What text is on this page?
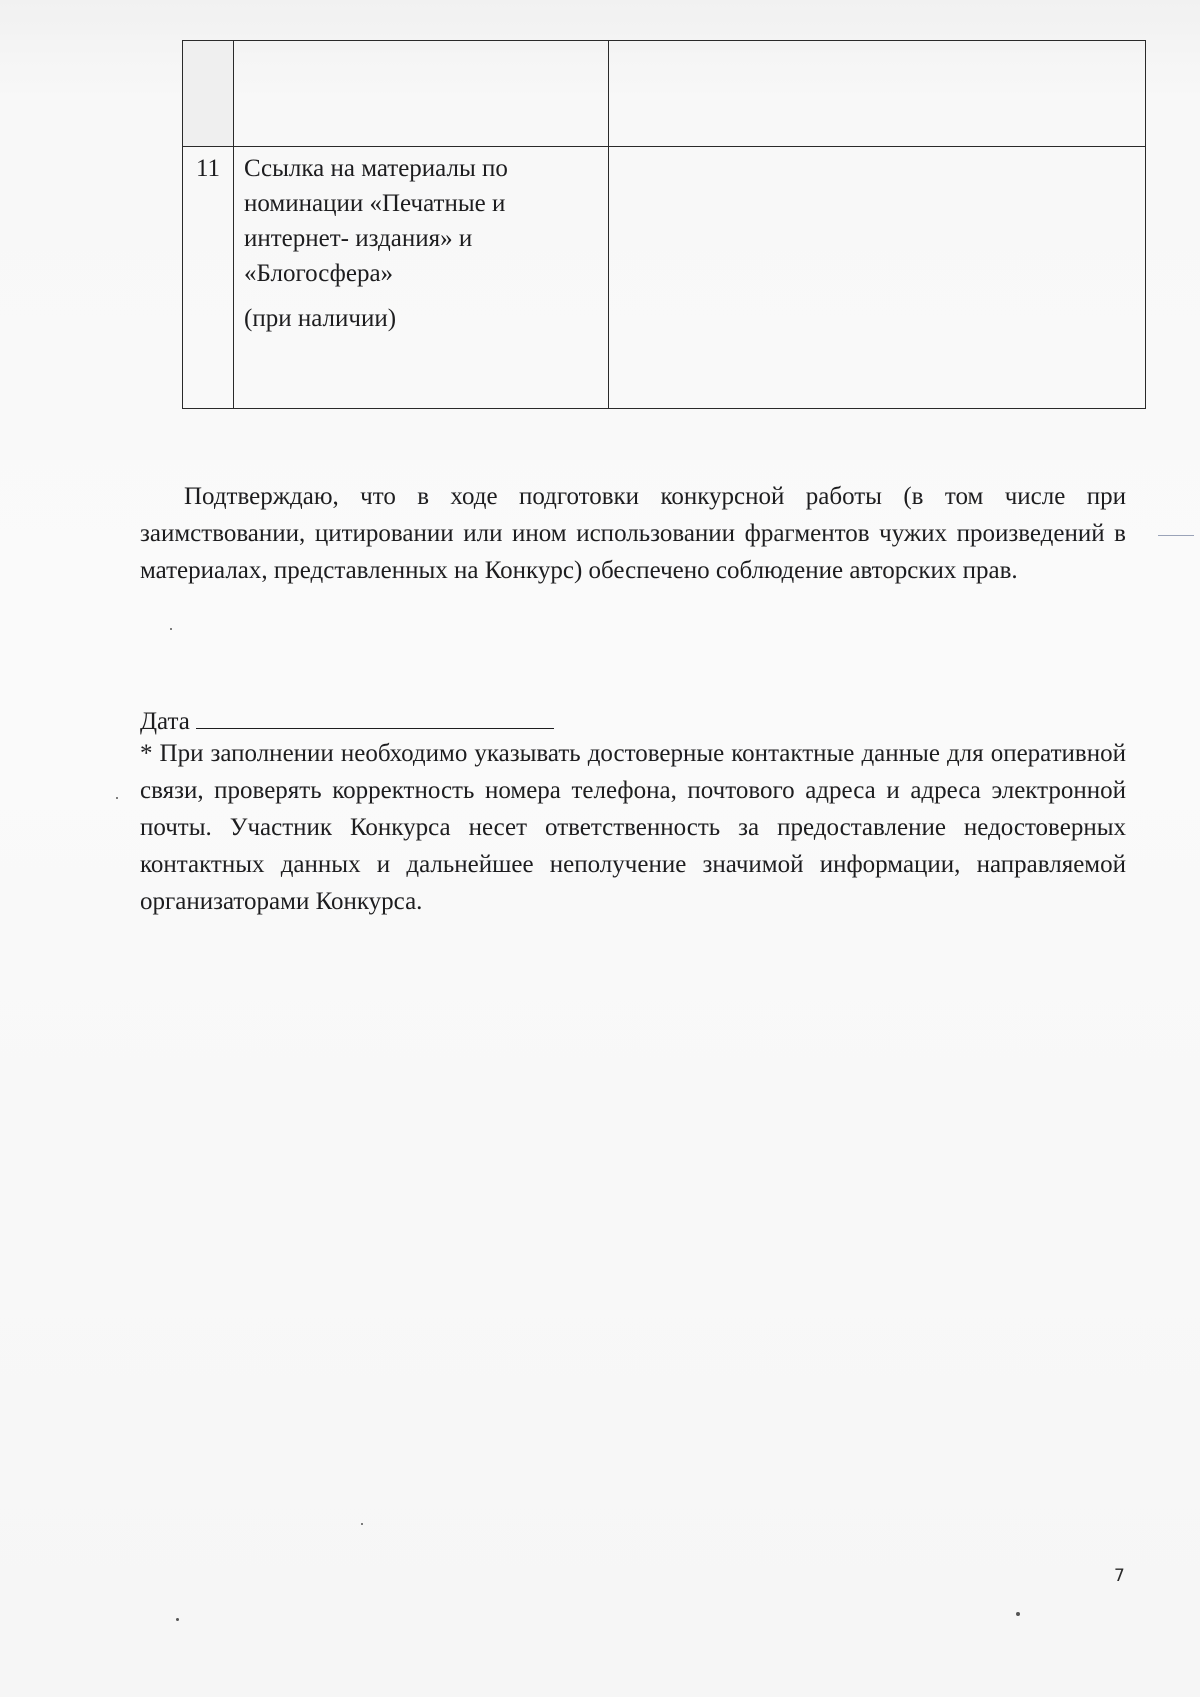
11	Ссылка на материалы по номинации «Печатные и интернет- издания» и «Блогосфера»
(при наличии)	

Подтверждаю, что в ходе подготовки конкурсной работы (в том числе при заимствовании, цитировании или ином использовании фрагментов чужих произведений в материалах, представленных на Конкурс) обеспечено соблюдение авторских прав.

Дата

* При заполнении необходимо указывать достоверные контактные данные для оперативной связи, проверять корректность номера телефона, почтового адреса и адреса электронной почты. Участник Конкурса несет ответственность за предоставление недостоверных контактных данных и дальнейшее неполучение значимой информации, направляемой организаторами Конкурса.

7
